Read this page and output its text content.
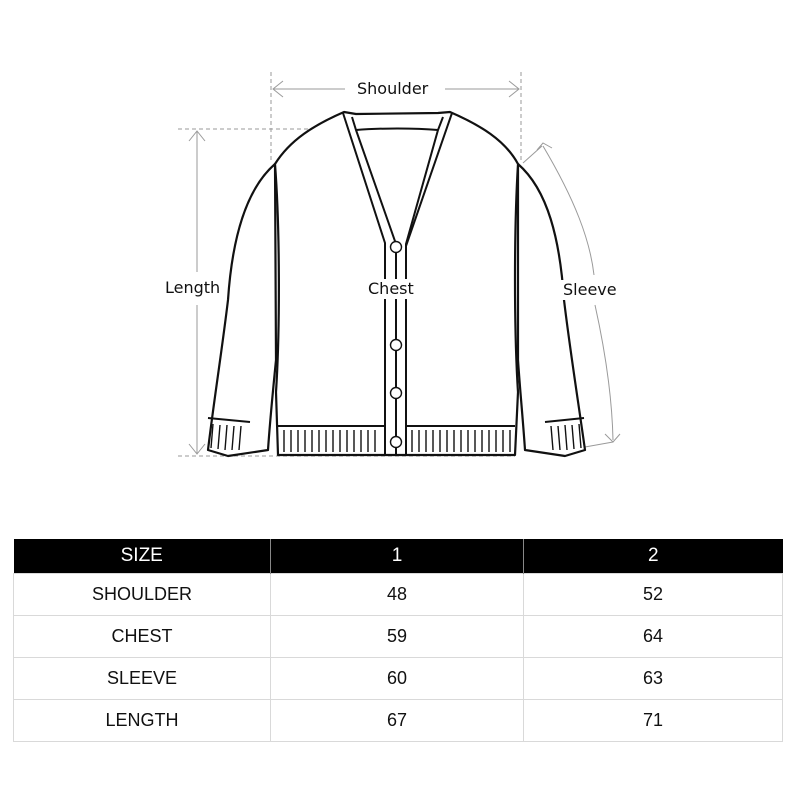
Shoulder
Chest
Length	Sleeve
SIZE	1	2
SHOULDER	48	52
CHEST	59	64
SLEEVE	60	63
LENGTH	67	71
